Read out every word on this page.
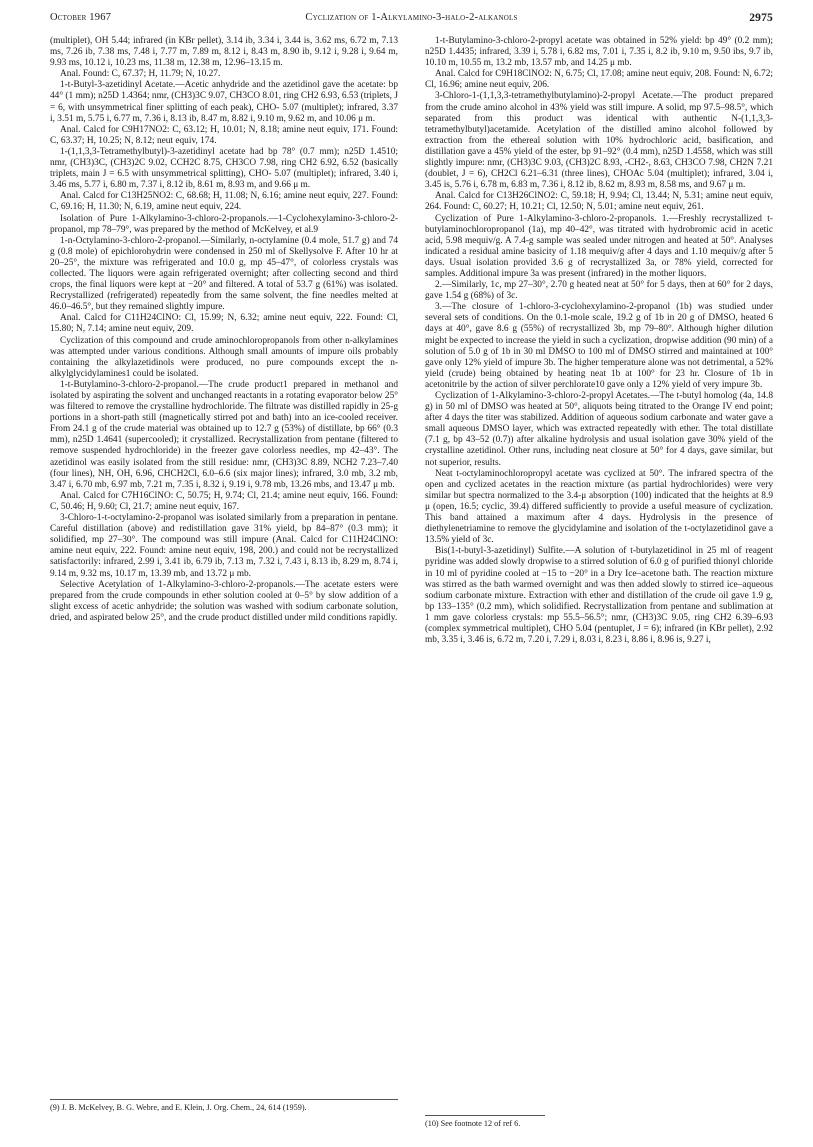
October 1967	Cyclization of 1-Alkylamino-3-halo-2-alkanols	2975

(multiplet), OH 5.44; infrared (in KBr pellet), 3.14 ib, 3.34 i, 3.44 is, 3.62 ms, 6.72 m, 7.13 ms, 7.26 ib, 7.38 ms, 7.48 i, 7.77 m, 7.89 m, 8.12 i, 8.43 m, 8.90 ib, 9.12 i, 9.28 i, 9.64 m, 9.93 ms, 10.12 i, 10.23 ms, 11.38 m, 12.38 m, 12.96–13.15 m.

Anal. Found: C, 67.37; H, 11.79; N, 10.27.

1-t-Butyl-3-azetidinyl Acetate.—Acetic anhydride and the azetidinol gave the acetate: bp 44° (1 mm); n25D 1.4364; nmr, (CH3)3C 9.07, CH3CO 8.01, ring CH2 6.93, 6.53 (triplets, J = 6, with unsymmetrical finer splitting of each peak), CHO- 5.07 (multiplet); infrared, 3.37 i, 3.51 m, 5.75 i, 6.77 m, 7.36 i, 8.13 ib, 8.47 m, 8.82 i, 9.10 m, 9.62 m, and 10.06 μ m.

Anal. Calcd for C9H17NO2: C, 63.12; H, 10.01; N, 8.18; amine neut equiv, 171. Found: C, 63.37; H, 10.25; N, 8.12; neut equiv, 174.

1-(1,1,3,3-Tetramethylbutyl)-3-azetidinyl acetate had bp 78° (0.7 mm); n25D 1.4510; nmr, (CH3)3C, (CH3)2C 9.02, CCH2C 8.75, CH3CO 7.98, ring CH2 6.92, 6.52 (basically triplets, main J = 6.5 with unsymmetrical splitting), CHO- 5.07 (multiplet); infrared, 3.40 i, 3.46 ms, 5.77 i, 6.80 m, 7.37 i, 8.12 ib, 8.61 m, 8.93 m, and 9.66 μ m.

Anal. Calcd for C13H25NO2: C, 68.68; H, 11.08; N, 6.16; amine neut equiv, 227. Found: C, 69.16; H, 11.30; N, 6.19, amine neut equiv, 224.

Isolation of Pure 1-Alkylamino-3-chloro-2-propanols.—1-Cyclohexylamino-3-chloro-2-propanol, mp 78–79°, was prepared by the method of McKelvey, et al.9

1-n-Octylamino-3-chloro-2-propanol.—Similarly, n-octylamine (0.4 mole, 51.7 g) and 74 g (0.8 mole) of epichlorohydrin were condensed in 250 ml of Skellysolve F. After 10 hr at 20–25°, the mixture was refrigerated and 10.0 g, mp 45–47°, of colorless crystals was collected. The liquors were again refrigerated overnight; after collecting second and third crops, the final liquors were kept at −20° and filtered. A total of 53.7 g (61%) was isolated. Recrystallized (refrigerated) repeatedly from the same solvent, the fine needles melted at 46.0–46.5°, but they remained slightly impure.

Anal. Calcd for C11H24ClNO: Cl, 15.99; N, 6.32; amine neut equiv, 222. Found: Cl, 15.80; N, 7.14; amine neut equiv, 209.

Cyclization of this compound and crude aminochloropropanols from other n-alkylamines was attempted under various conditions. Although small amounts of impure oils probably containing the alkylazetidinols were produced, no pure compounds except the n-alkylglycidylamines1 could be isolated.

1-t-Butylamino-3-chloro-2-propanol.—The crude product1 prepared in methanol and isolated by aspirating the solvent and unchanged reactants in a rotating evaporator below 25° was filtered to remove the crystalline hydrochloride. The filtrate was distilled rapidly in 25-g portions in a short-path still (magnetically stirred pot and bath) into an ice-cooled receiver. From 24.1 g of the crude material was obtained up to 12.7 g (53%) of distillate, bp 66° (0.3 mm), n25D 1.4641 (supercooled); it crystallized. Recrystallization from pentane (filtered to remove suspended hydrochloride) in the freezer gave colorless needles, mp 42–43°. The azetidinol was easily isolated from the still residue: nmr, (CH3)3C 8.89, NCH2 7.23–7.40 (four lines), NH, OH, 6.96, CHCH2Cl, 6.0–6.6 (six major lines); infrared, 3.0 mb, 3.2 mb, 3.47 i, 6.70 mb, 6.97 mb, 7.21 m, 7.35 i, 8.32 i, 9.19 i, 9.78 mb, 13.26 mbs, and 13.47 μ mb.

Anal. Calcd for C7H16ClNO: C, 50.75; H, 9.74; Cl, 21.4; amine neut equiv, 166. Found: C, 50.46; H, 9.60; Cl, 21.7; amine neut equiv, 167.

3-Chloro-1-t-octylamino-2-propanol was isolated similarly from a preparation in pentane. Careful distillation (above) and redistillation gave 31% yield, bp 84–87° (0.3 mm); it solidified, mp 27–30°. The compound was still impure (Anal. Calcd for C11H24ClNO: amine neut equiv, 222. Found: amine neut equiv, 198, 200.) and could not be recrystallized satisfactorily: infrared, 2.99 i, 3.41 ib, 6.79 ib, 7.13 m, 7.32 i, 7.43 i, 8.13 ib, 8.29 m, 8.74 i, 9.14 m, 9.32 ms, 10.17 m, 13.39 mb, and 13.72 μ mb.

Selective Acetylation of 1-Alkylamino-3-chloro-2-propanols.—The acetate esters were prepared from the crude compounds in ether solution cooled at 0–5° by slow addition of a slight excess of acetic anhydride; the solution was washed with sodium carbonate solution, dried, and aspirated below 25°, and the crude product distilled under mild conditions rapidly.

1-t-Butylamino-3-chloro-2-propyl acetate was obtained in 52% yield: bp 49° (0.2 mm); n25D 1.4435; infrared, 3.39 i, 5.78 i, 6.82 ms, 7.01 i, 7.35 i, 8.2 ib, 9.10 m, 9.50 ibs, 9.7 ib, 10.10 m, 10.55 m, 13.2 mb, 13.57 mb, and 14.25 μ mb.

Anal. Calcd for C9H18ClNO2: N, 6.75; Cl, 17.08; amine neut equiv, 208. Found: N, 6.72; Cl, 16.96; amine neut equiv, 206.

3-Chloro-1-(1,1,3,3-tetramethylbutylamino)-2-propyl Acetate.—The product prepared from the crude amino alcohol in 43% yield was still impure. A solid, mp 97.5–98.5°, which separated from this product was identical with authentic N-(1,1,3,3-tetramethylbutyl)acetamide. Acetylation of the distilled amino alcohol followed by extraction from the ethereal solution with 10% hydrochloric acid, basification, and distillation gave a 45% yield of the ester, bp 91–92° (0.4 mm), n25D 1.4558, which was still slightly impure: nmr, (CH3)3C 9.03, (CH3)2C 8.93, -CH2-, 8.63, CH3CO 7.98, CH2N 7.21 (doublet, J = 6), CH2Cl 6.21–6.31 (three lines), CHOAc 5.04 (multiplet); infrared, 3.04 i, 3.45 is, 5.76 i, 6.78 m, 6.83 m, 7.36 i, 8.12 ib, 8.62 m, 8.93 m, 8.58 ms, and 9.67 μ m.

Anal. Calcd for C13H26ClNO2: C, 59.18; H, 9.94; Cl, 13.44; N, 5.31; amine neut equiv, 264. Found: C, 60.27; H, 10.21; Cl, 12.50; N, 5.01; amine neut equiv, 261.

Cyclization of Pure 1-Alkylamino-3-chloro-2-propanols. 1.—Freshly recrystallized t-butylaminochloropropanol (1a), mp 40–42°, was titrated with hydrobromic acid in acetic acid, 5.98 mequiv/g. A 7.4-g sample was sealed under nitrogen and heated at 50°. Analyses indicated a residual amine basicity of 1.18 mequiv/g after 4 days and 1.10 mequiv/g after 5 days. Usual isolation provided 3.6 g of recrystallized 3a, or 78% yield, corrected for samples. Additional impure 3a was present (infrared) in the mother liquors.

2.—Similarly, 1c, mp 27–30°, 2.70 g heated neat at 50° for 5 days, then at 60° for 2 days, gave 1.54 g (68%) of 3c.

3.—The closure of 1-chloro-3-cyclohexylamino-2-propanol (1b) was studied under several sets of conditions. On the 0.1-mole scale, 19.2 g of 1b in 20 g of DMSO, heated 6 days at 40°, gave 8.6 g (55%) of recrystallized 3b, mp 79–80°. Although higher dilution might be expected to increase the yield in such a cyclization, dropwise addition (90 min) of a solution of 5.0 g of 1b in 30 ml DMSO to 100 ml of DMSO stirred and maintained at 100° gave only 12% yield of impure 3b. The higher temperature alone was not detrimental, a 52% yield (crude) being obtained by heating neat 1b at 100° for 23 hr. Closure of 1b in acetonitrile by the action of silver perchlorate10 gave only a 12% yield of very impure 3b.

Cyclization of 1-Alkylamino-3-chloro-2-propyl Acetates.—The t-butyl homolog (4a, 14.8 g) in 50 ml of DMSO was heated at 50°, aliquots being titrated to the Orange IV end point; after 4 days the titer was stabilized. Addition of aqueous sodium carbonate and water gave a small aqueous DMSO layer, which was extracted repeatedly with ether. The total distillate (7.1 g, bp 43–52 (0.7)) after alkaline hydrolysis and usual isolation gave 30% yield of the crystalline azetidinol. Other runs, including neat closure at 50° for 4 days, gave similar, but not superior, results.

Neat t-octylaminochloropropyl acetate was cyclized at 50°. The infrared spectra of the open and cyclized acetates in the reaction mixture (as partial hydrochlorides) were very similar but spectra normalized to the 3.4-μ absorption (100) indicated that the heights at 8.9 μ (open, 16.5; cyclic, 39.4) differed sufficiently to provide a useful measure of cyclization. This band attained a maximum after 4 days. Hydrolysis in the presence of diethylenetriamine to remove the glycidylamine and isolation of the t-octylazetidinol gave a 13.5% yield of 3c.

Bis(1-t-butyl-3-azetidinyl) Sulfite.—A solution of t-butylazetidinol in 25 ml of reagent pyridine was added slowly dropwise to a stirred solution of 6.0 g of purified thionyl chloride in 10 ml of pyridine cooled at −15 to −20° in a Dry Ice–acetone bath. The reaction mixture was stirred as the bath warmed overnight and was then added slowly to stirred ice–aqueous sodium carbonate mixture. Extraction with ether and distillation of the crude oil gave 1.9 g, bp 133–135° (0.2 mm), which solidified. Recrystallization from pentane and sublimation at 1 mm gave colorless crystals: mp 55.5–56.5°; nmr, (CH3)3C 9.05, ring CH2 6.39–6.93 (complex symmetrical multiplet), CHO 5.04 (pentuplet, J = 6); infrared (in KBr pellet), 2.92 mb, 3.35 i, 3.46 is, 6.72 m, 7.20 i, 7.29 i, 8.03 i, 8.23 i, 8.86 i, 8.96 is, 9.27 i,

(9) J. B. McKelvey, B. G. Webre, and E. Klein, J. Org. Chem., 24, 614 (1959).
(10) See footnote 12 of ref 6.
